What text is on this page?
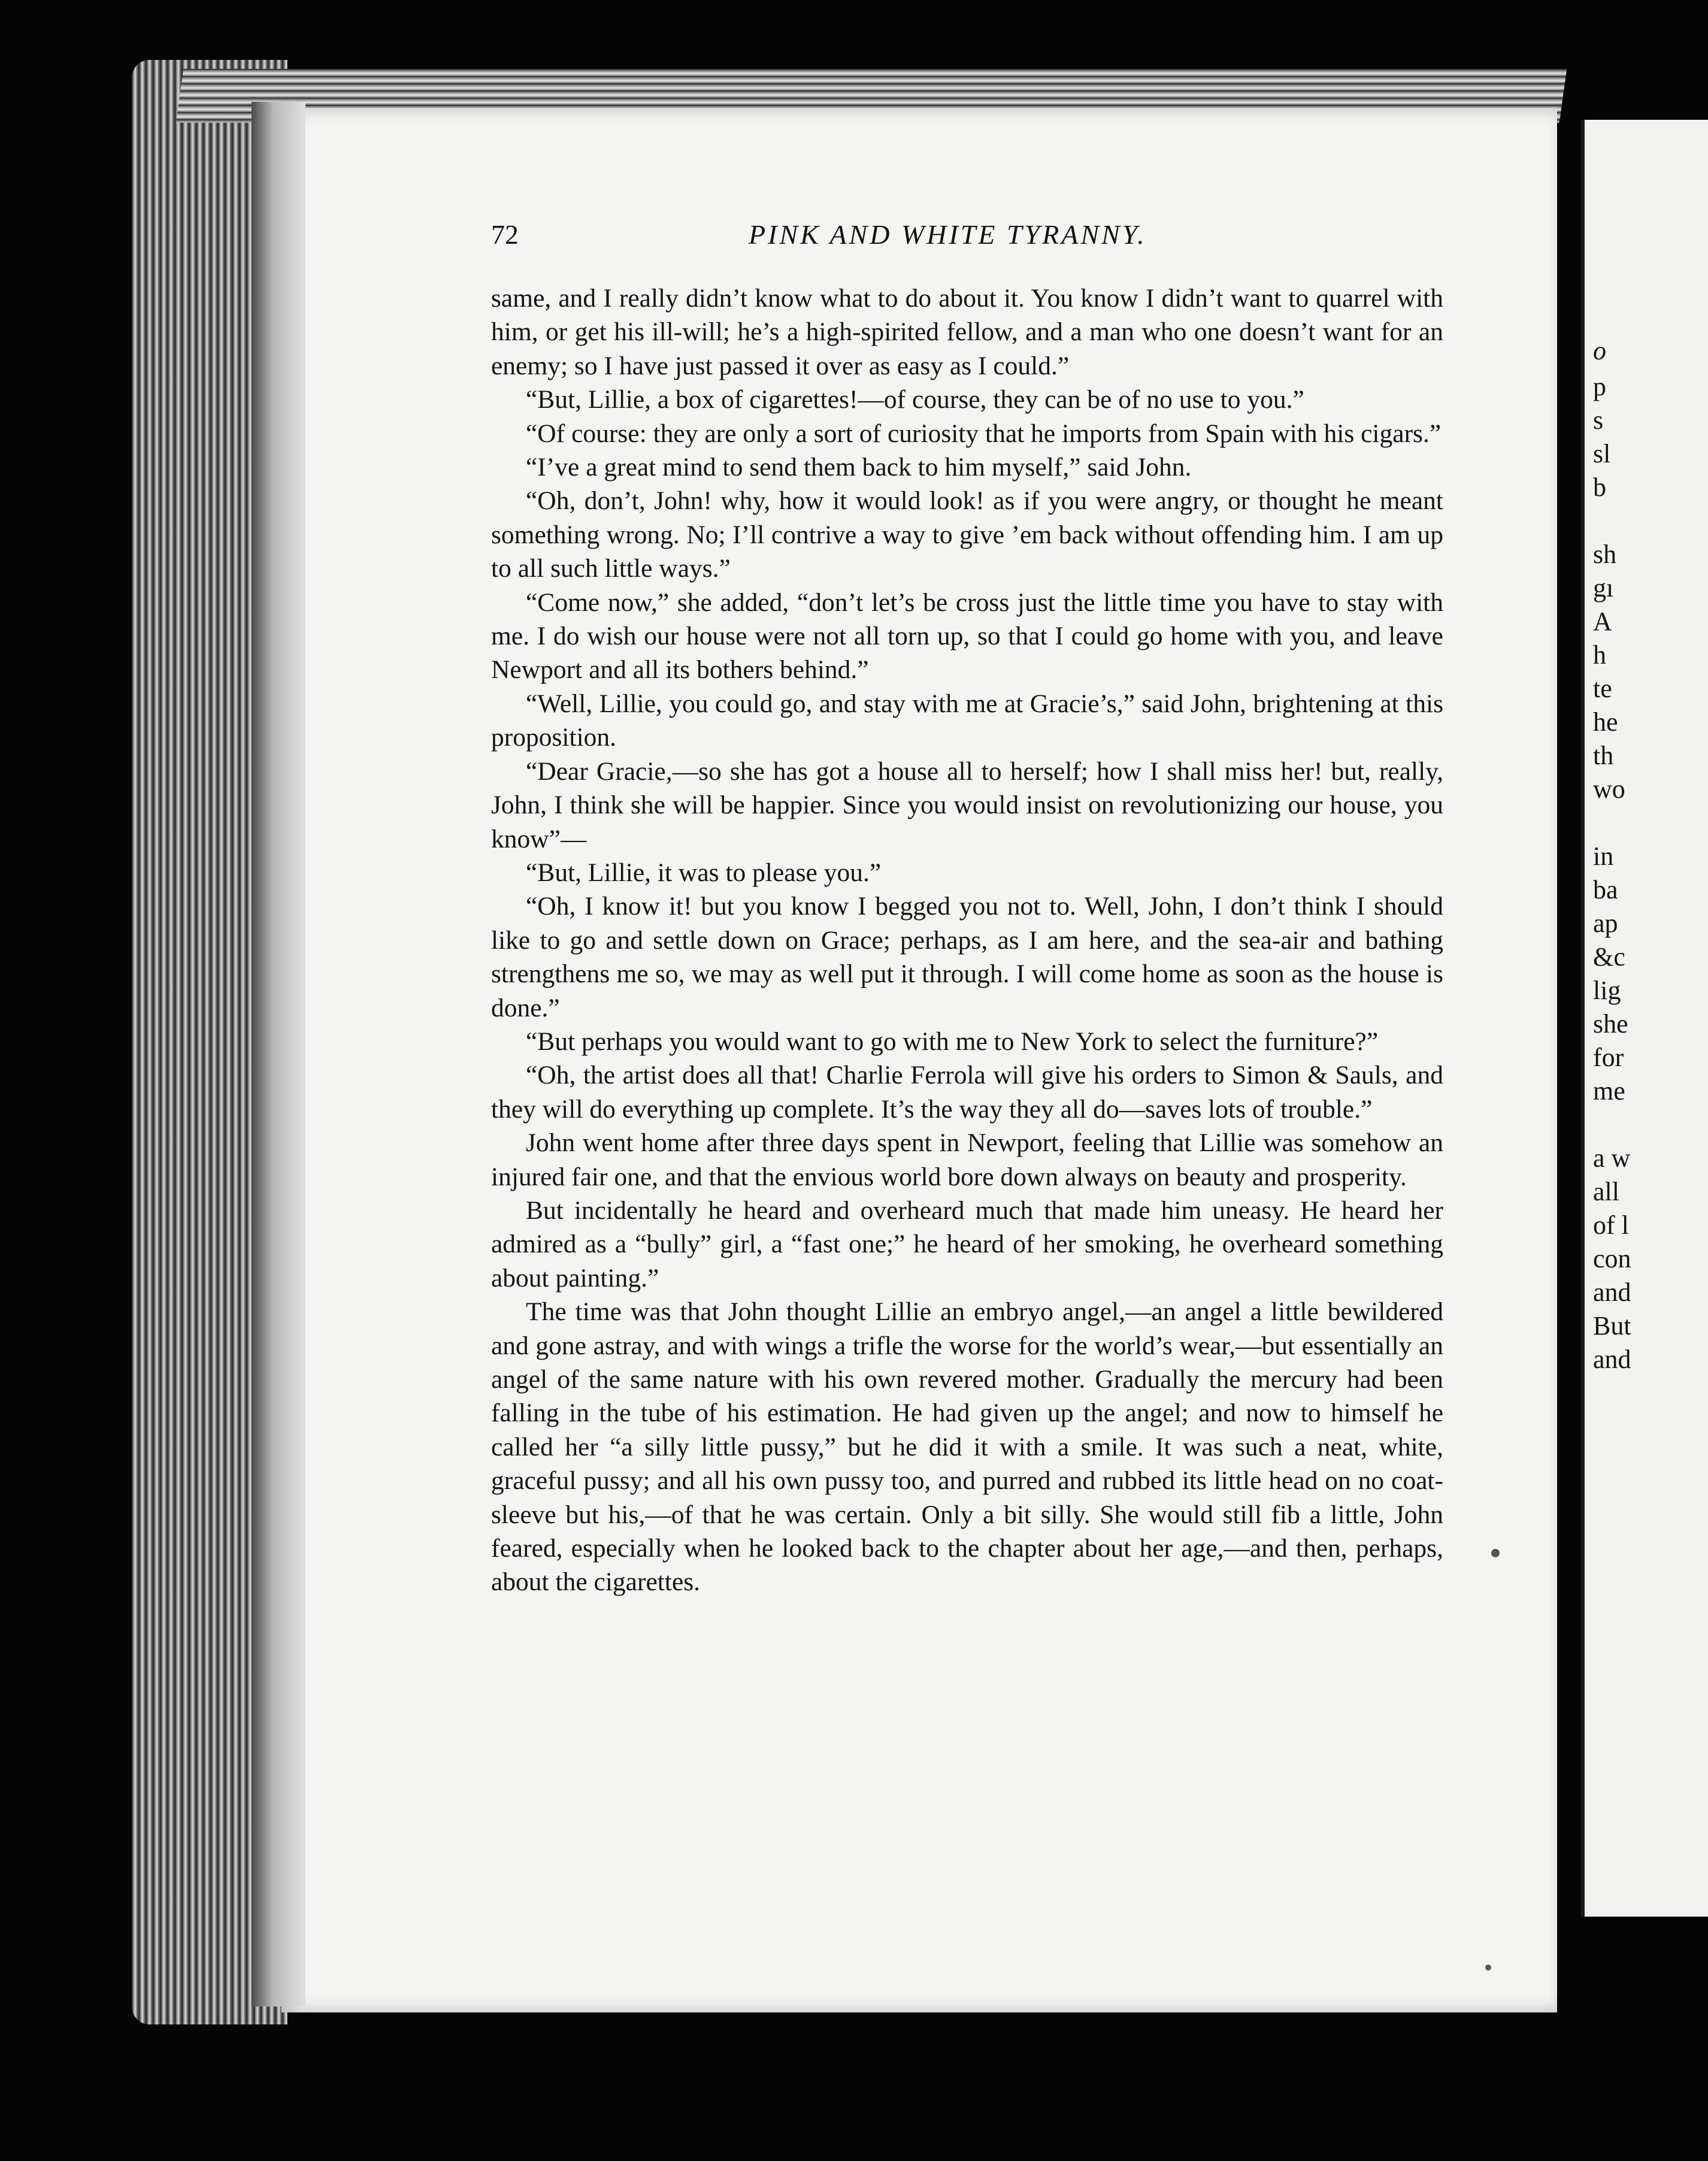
72	PINK AND WHITE TYRANNY.

same, and I really didn’t know what to do about it. You know I didn’t want to quarrel with him, or get his ill-will; he’s a high-spirited fellow, and a man who one doesn’t want for an enemy; so I have just passed it over as easy as I could.”

“But, Lillie, a box of cigarettes!—of course, they can be of no use to you.”

“Of course: they are only a sort of curiosity that he imports from Spain with his cigars.”

“I’ve a great mind to send them back to him myself,” said John.

“Oh, don’t, John! why, how it would look! as if you were angry, or thought he meant something wrong. No; I’ll contrive a way to give ’em back without offending him. I am up to all such little ways.”

“Come now,” she added, “don’t let’s be cross just the little time you have to stay with me. I do wish our house were not all torn up, so that I could go home with you, and leave Newport and all its bothers behind.”

“Well, Lillie, you could go, and stay with me at Gracie’s,” said John, brightening at this proposition.

“Dear Gracie,—so she has got a house all to herself; how I shall miss her! but, really, John, I think she will be happier. Since you would insist on revolutionizing our house, you know”—

“But, Lillie, it was to please you.”

“Oh, I know it! but you know I begged you not to. Well, John, I don’t think I should like to go and settle down on Grace; perhaps, as I am here, and the sea-air and bathing strengthens me so, we may as well put it through. I will come home as soon as the house is done.”

“But perhaps you would want to go with me to New York to select the furniture?”

“Oh, the artist does all that! Charlie Ferrola will give his orders to Simon & Sauls, and they will do everything up complete. It’s the way they all do—saves lots of trouble.”

John went home after three days spent in Newport, feeling that Lillie was somehow an injured fair one, and that the envious world bore down always on beauty and prosperity.

But incidentally he heard and overheard much that made him uneasy. He heard her admired as a “bully” girl, a “fast one;” he heard of her smoking, he overheard something about painting.”

The time was that John thought Lillie an embryo angel,—an angel a little bewildered and gone astray, and with wings a trifle the worse for the world’s wear,—but essentially an angel of the same nature with his own revered mother. Gradually the mercury had been falling in the tube of his estimation. He had given up the angel; and now to himself he called her “a silly little pussy,” but he did it with a smile. It was such a neat, white, graceful pussy; and all his own pussy too, and purred and rubbed its little head on no coat-sleeve but his,—of that he was certain. Only a bit silly. She would still fib a little, John feared, especially when he looked back to the chapter about her age,—and then, perhaps, about the cigarettes.

o
p
s
sl
b
sh
gı
A
h
te
he
th
wo
in
ba
ap
&c
lig
she
for
me
a w
all
of l
con
and
But
and
